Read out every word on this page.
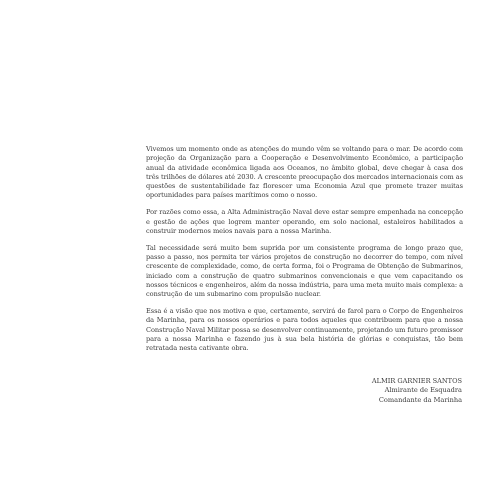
Vivemos um momento onde as atenções do mundo vêm se voltando para o mar. De acordo com projeção da Organização para a Cooperação e Desenvolvimento Econômico, a participação anual da atividade econômica ligada aos Oceanos, no âmbito global, deve chegar à casa dos três trilhões de dólares até 2030. A crescente preocupação dos mercados internacionais com as questões de sustentabilidade faz florescer uma Economia Azul que promete trazer muitas oportunidades para países marítimos como o nosso.

Por razões como essa, a Alta Administração Naval deve estar sempre empenhada na concepção e gestão de ações que logrem manter operando, em solo nacional, estaleiros habilitados a construir modernos meios navais para a nossa Marinha.

Tal necessidade será muito bem suprida por um consistente programa de longo prazo que, passo a passo, nos permita ter vários projetos de construção no decorrer do tempo, com nível crescente de complexidade, como, de certa forma, foi o Programa de Obtenção de Submarinos, iniciado com a construção de quatro submarinos convencionais e que vem capacitando os nossos técnicos e engenheiros, além da nossa indústria, para uma meta muito mais complexa: a construção de um submarino com propulsão nuclear.

Essa é a visão que nos motiva e que, certamente, servirá de farol para o Corpo de Engenheiros da Marinha, para os nossos operários e para todos aqueles que contribuem para que a nossa Construção Naval Militar possa se desenvolver continuamente, projetando um futuro promissor para a nossa Marinha e fazendo jus à sua bela história de glórias e conquistas, tão bem retratada nesta cativante obra.

ALMIR GARNIER SANTOS
Almirante de Esquadra
Comandante da Marinha
